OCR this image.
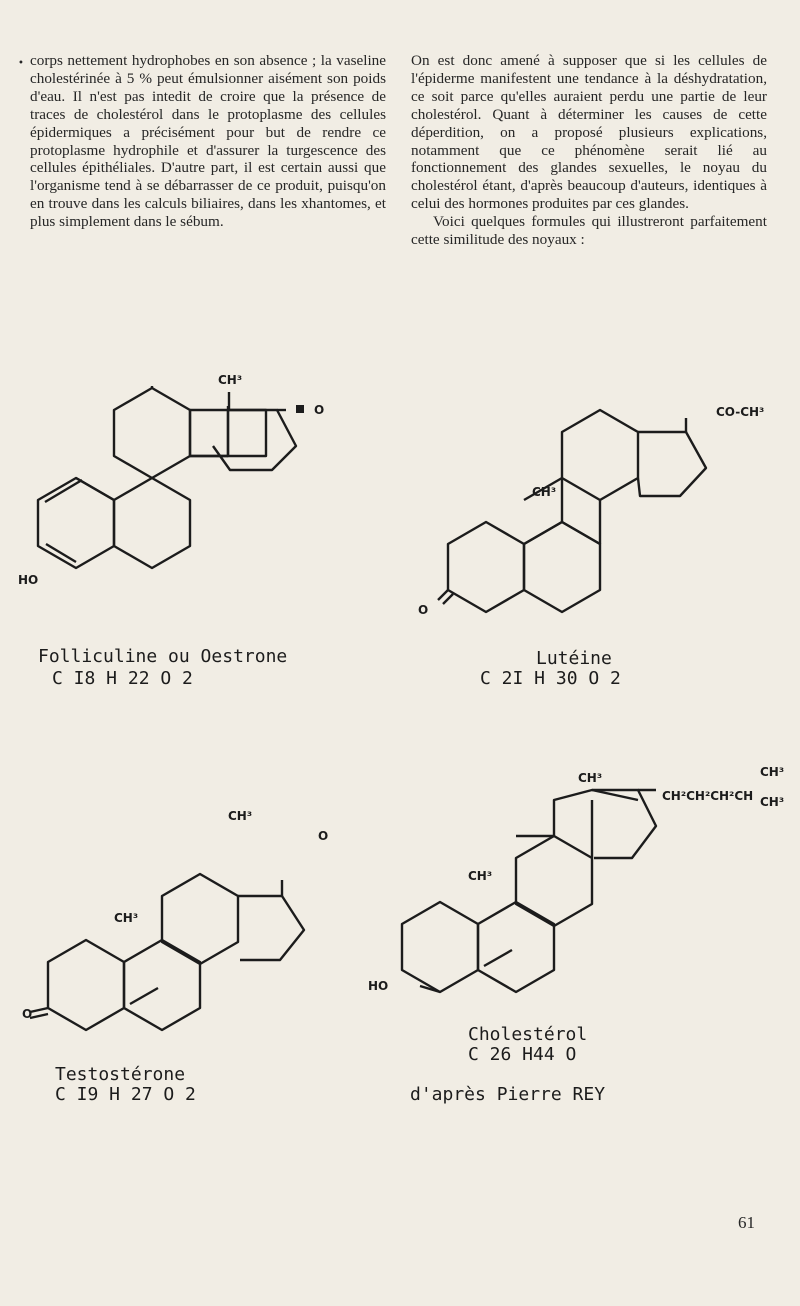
• corps nettement hydrophobes en son absence ; la vaseline cholestérinée à 5 % peut émulsionner aisément son poids d'eau. Il n'est pas intedit de croire que la présence de traces de cholestérol dans le protoplasme des cellules épidermiques a précisément pour but de rendre ce protoplasme hydrophile et d'assurer la turgescence des cellules épithéliales. D'autre part, il est certain aussi que l'organisme tend à se débarrasser de ce produit, puisqu'on en trouve dans les calculs biliaires, dans les xhantomes, et plus simplement dans le sébum.

On est donc amené à supposer que si les cellules de l'épiderme manifestent une tendance à la déshydratation, ce soit parce qu'elles auraient perdu une partie de leur cholestérol. Quant à déterminer les causes de cette déperdition, on a proposé plusieurs explications, notamment que ce phénomène serait lié au fonctionnement des glandes sexuelles, le noyau du cholestérol étant, d'après beaucoup d'auteurs, identiques à celui des hormones produites par ces glandes.

Voici quelques formules qui illustreront parfaitement cette similitude des noyaux :

CH³
O
HO
CH³
CO-CH³
O
CH³
CH³
O
O
CH³
CH³
CH²CH²CH²CH
CH³
CH³
HO
Folliculine ou Oestrone
C I8 H 22 O 2
Lutéine
C 2I H 30 O 2
Testostérone
C I9 H 27 O 2
Cholestérol
C 26 H44 O
d'après Pierre REY
61
